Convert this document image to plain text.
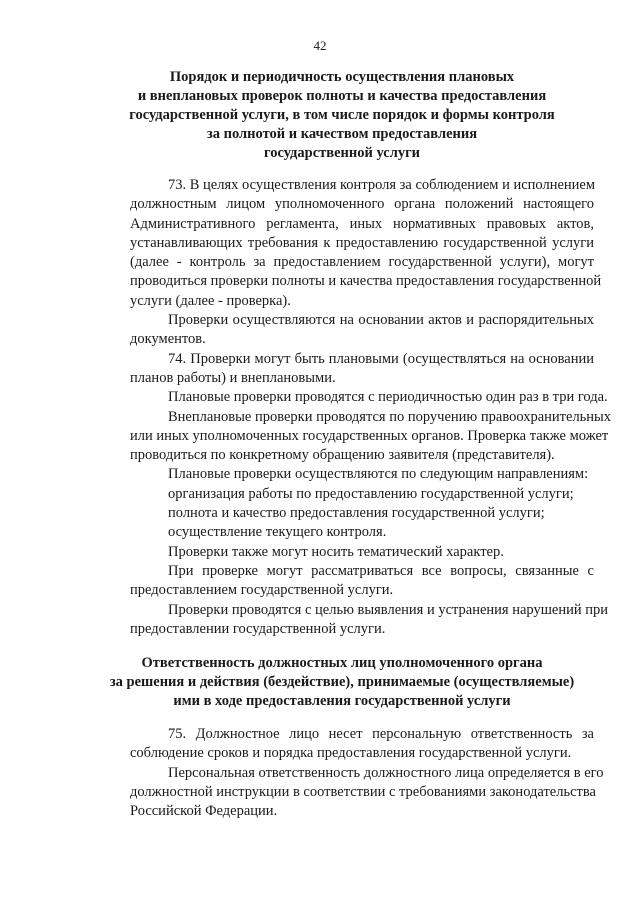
42
Порядок и периодичность осуществления плановых
и внеплановых проверок полноты и качества предоставления
государственной услуги, в том числе порядок и формы контроля
за полнотой и качеством предоставления
государственной услуги

73. В целях осуществления контроля за соблюдением и исполнением
должностным лицом уполномоченного органа положений настоящего
Административного регламента, иных нормативных правовых актов,
устанавливающих требования к предоставлению государственной услуги
(далее - контроль за предоставлением государственной услуги), могут
проводиться проверки полноты и качества предоставления государственной
услуги (далее - проверка).

Проверки осуществляются на основании актов и распорядительных
документов.

74. Проверки могут быть плановыми (осуществляться на основании
планов работы) и внеплановыми.

Плановые проверки проводятся с периодичностью один раз в три года.

Внеплановые проверки проводятся по поручению правоохранительных
или иных уполномоченных государственных органов. Проверка также может
проводиться по конкретному обращению заявителя (представителя).

Плановые проверки осуществляются по следующим направлениям:

организация работы по предоставлению государственной услуги;

полнота и качество предоставления государственной услуги;

осуществление текущего контроля.

Проверки также могут носить тематический характер.

При проверке могут рассматриваться все вопросы, связанные с
предоставлением государственной услуги.

Проверки проводятся с целью выявления и устранения нарушений при
предоставлении государственной услуги.

Ответственность должностных лиц уполномоченного органа
за решения и действия (бездействие), принимаемые (осуществляемые)
ими в ходе предоставления государственной услуги

75. Должностное лицо несет персональную ответственность за
соблюдение сроков и порядка предоставления государственной услуги.

Персональная ответственность должностного лица определяется в его
должностной инструкции в соответствии с требованиями законодательства
Российской Федерации.
